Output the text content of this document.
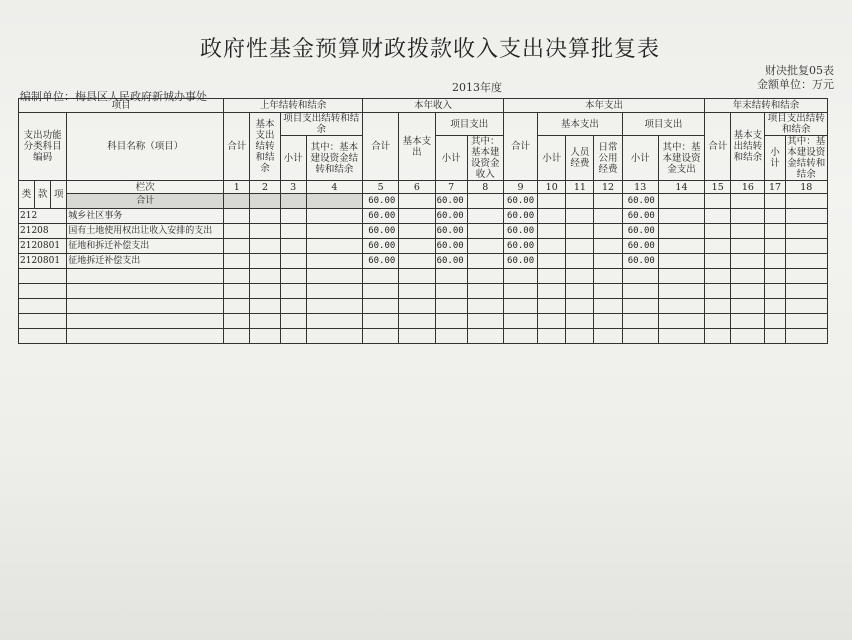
政府性基金预算财政拨款收入支出决算批复表
财决批复05表
金额单位：万元
2013年度
编制单位：梅县区人民政府新城办事处
项目				上年结转和结余				本年收入				本年支出						年末结转和结余			
支出功能分类科目编码			科目名称（项目）	合计	基本支出结转和结余	项目支出结转和结余		合计	基本支出	项目支出		合计	基本支出			项目支出		合计	基本支出结转和结余	项目支出结转和结余	

						小计	其中：基本建设资金结转和结余			小计	其中：基本建设资金收入		小计	人员经费	日常公用经费	小计	其中：基本建设资金支出			小计	其中：基本建设资金结转和结余
类	款	项	栏次	1	2	3	4	5	6	7	8	9	10	11	12	13	14	15	16	17	18
			合计					60.00		60.00		60.00				60.00					
212			城乡社区事务					60.00		60.00		60.00				60.00					
21208			国有土地使用权出让收入安排的支出					60.00		60.00		60.00				60.00					
2120801			征地和拆迁补偿支出					60.00		60.00		60.00				60.00					
2120801			征地拆迁补偿支出					60.00		60.00		60.00				60.00					
